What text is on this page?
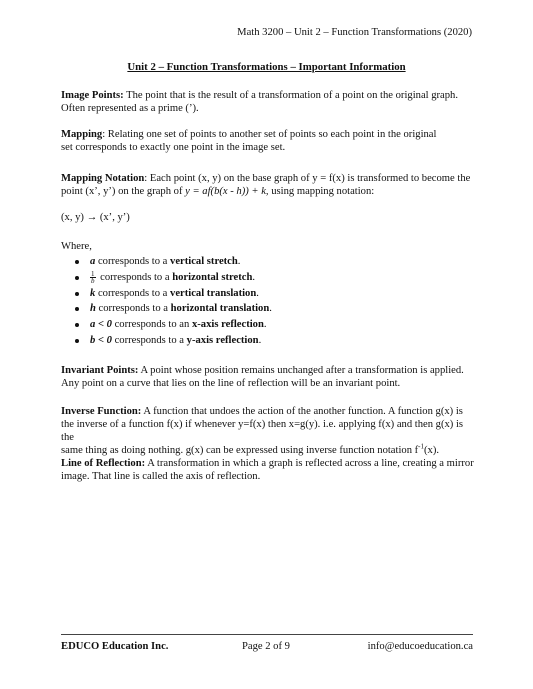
Math 3200 – Unit 2 – Function Transformations (2020)
Unit 2 – Function Transformations – Important Information

Image Points: The point that is the result of a transformation of a point on the original graph.
Often represented as a prime (’).

Mapping: Relating one set of points to another set of points so each point in the original
set corresponds to exactly one point in the image set.

Mapping Notation: Each point (x, y) on the base graph of y = f(x) is transformed to become the
point (x’, y’) on the graph of y = af(b(x - h)) + k, using mapping notation:

(x, y) → (x’, y’)

Where,

a corresponds to a vertical stretch.
$\frac{1}{b}$ corresponds to a horizontal stretch.
k corresponds to a vertical translation.
h corresponds to a horizontal translation.
a < 0 corresponds to an x-axis reflection.
b < 0 corresponds to a y-axis reflection.

Invariant Points: A point whose position remains unchanged after a transformation is applied.
Any point on a curve that lies on the line of reflection will be an invariant point.

Inverse Function: A function that undoes the action of the another function. A function g(x) is
the inverse of a function f(x) if whenever y=f(x) then x=g(y). i.e. applying f(x) and then g(x) is the
same thing as doing nothing. g(x) can be expressed using inverse function notation $f^{-1}(x)$.

Line of Reflection: A transformation in which a graph is reflected across a line, creating a mirror
image. That line is called the axis of reflection.

EDUCO Education Inc.	Page 2 of 9	info@educoeducation.ca
